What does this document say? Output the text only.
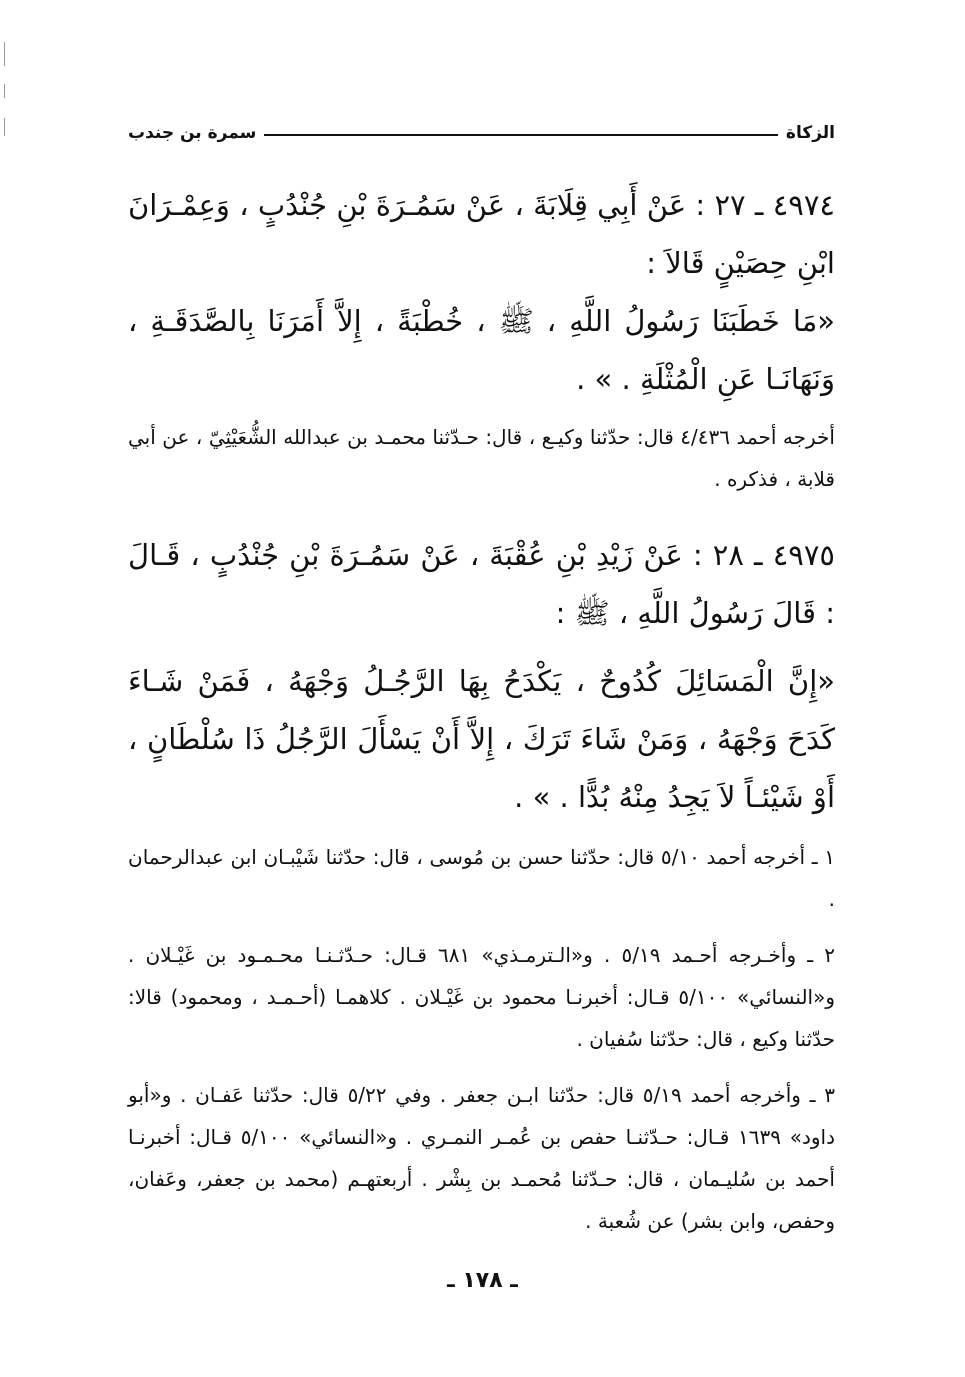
الزكاة
سمرة بن جندب
٤٩٧٤ ـ ٢٧ : عَنْ أَبِي قِلَابَةَ ، عَنْ سَمُـرَةَ بْنِ جُنْدُبٍ ، وَعِمْـرَانَ ابْنِ حِصَيْنٍ قَالاَ :
«مَا خَطَبَنَا رَسُولُ اللَّهِ ، ﷺ ، خُطْبَةً ، إِلاَّ أَمَرَنَا بِالصَّدَقَـةِ ، وَنَهَانَـا عَنِ الْمُثْلَةِ . » .
أخرجه أحمد ٤/٤٣٦ قال: حدّثنا وكيـع ، قال: حـدّثنا محمـد بن عبدالله الشُّعَيْثِيّ ، عن أبي قلابة ، فذكره .
٤٩٧٥ ـ ٢٨ : عَنْ زَيْدِ بْنِ عُقْبَةَ ، عَنْ سَمُـرَةَ بْنِ جُنْدُبٍ ، قَـالَ : قَالَ رَسُولُ اللَّهِ ، ﷺ :
«إِنَّ الْمَسَائِلَ كُدُوحٌ ، يَكْدَحُ بِهَا الرَّجُـلُ وَجْهَهُ ، فَمَنْ شَـاءَ كَدَحَ وَجْهَهُ ، وَمَنْ شَاءَ تَرَكَ ، إِلاَّ أَنْ يَسْأَلَ الرَّجُلُ ذَا سُلْطَانٍ ، أَوْ شَيْئـاً لاَ يَجِدُ مِنْهُ بُدًّا . » .
١ ـ أخرجه أحمد ٥/١٠ قال: حدّثنا حسن بن مُوسى ، قال: حدّثنا شَيْبـان ابن عبدالرحمان .
٢ ـ وأخـرجه أحـمد ٥/١٩ . و«الـترمـذي» ٦٨١ قـال: حـدّثـنـا محـمـود بن غَيْـلان . و«النسائي» ٥/١٠٠ قـال: أخبرنـا محمود بن غَيْـلان . كلاهمـا (أحـمـد ، ومحمود) قالا: حدّثنا وكيع ، قال: حدّثنا سُفيان .
٣ ـ وأخرجه أحمد ٥/١٩ قال: حدّثنا ابـن جعفر . وفي ٥/٢٢ قال: حدّثنا عَفـان . و«أبو داود» ١٦٣٩ قـال: حـدّثنـا حفص بن عُمـر النمـري . و«النسائي» ٥/١٠٠ قـال: أخبرنـا أحمد بن سُليـمان ، قال: حـدّثنا مُحمـد بن بِشْر . أربعتهـم (محمد بن جعفر، وعَفان، وحفص، وابن بشر) عن شُعبة .
ـ ١٧٨ ـ
